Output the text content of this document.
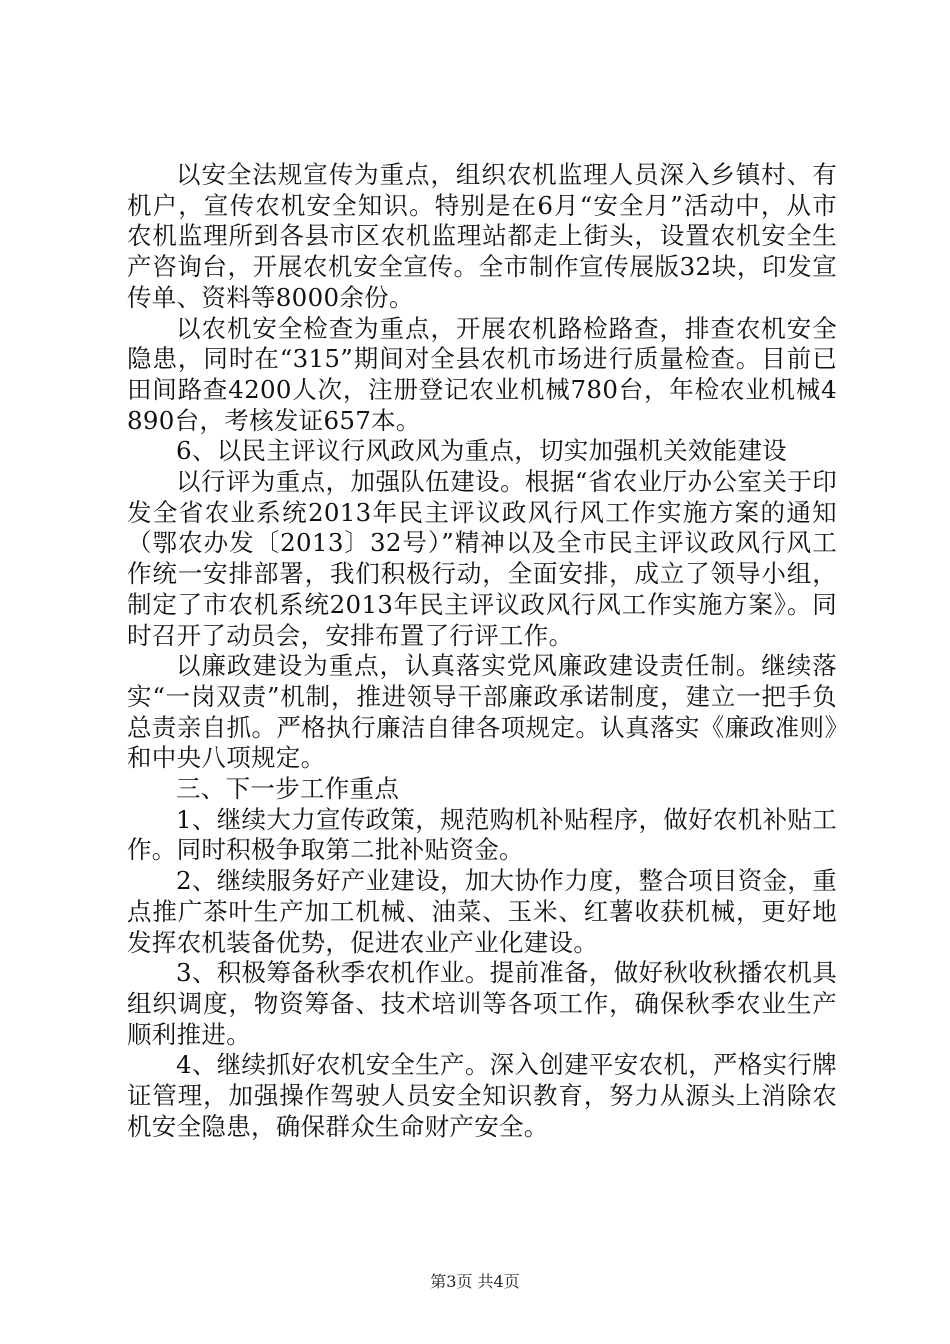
以安全法规宣传为重点，组织农机监理人员深入乡镇村、有机户，宣传农机安全知识。特别是在6月“安全月”活动中，从市农机监理所到各县市区农机监理站都走上街头，设置农机安全生产咨询台，开展农机安全宣传。全市制作宣传展版32块，印发宣传单、资料等8000余份。

以农机安全检查为重点，开展农机路检路查，排查农机安全隐患，同时在“315”期间对全县农机市场进行质量检查。目前已田间路查4200人次，注册登记农业机械780台，年检农业机械4890台，考核发证657本。

6、以民主评议行风政风为重点，切实加强机关效能建设

以行评为重点，加强队伍建设。根据“省农业厅办公室关于印发全省农业系统2013年民主评议政风行风工作实施方案的通知（鄂农办发〔2013〕32号）”精神以及全市民主评议政风行风工作统一安排部署，我们积极行动，全面安排，成立了领导小组，制定了市农机系统2013年民主评议政风行风工作实施方案》。同时召开了动员会，安排布置了行评工作。

以廉政建设为重点，认真落实党风廉政建设责任制。继续落实“一岗双责”机制，推进领导干部廉政承诺制度，建立一把手负总责亲自抓。严格执行廉洁自律各项规定。认真落实《廉政准则》和中央八项规定。

三、下一步工作重点

1、继续大力宣传政策，规范购机补贴程序，做好农机补贴工作。同时积极争取第二批补贴资金。

2、继续服务好产业建设，加大协作力度，整合项目资金，重点推广茶叶生产加工机械、油菜、玉米、红薯收获机械，更好地发挥农机装备优势，促进农业产业化建设。

3、积极筹备秋季农机作业。提前准备，做好秋收秋播农机具组织调度，物资筹备、技术培训等各项工作，确保秋季农业生产顺利推进。

4、继续抓好农机安全生产。深入创建平安农机，严格实行牌证管理，加强操作驾驶人员安全知识教育，努力从源头上消除农机安全隐患，确保群众生命财产安全。

第3页 共4页
